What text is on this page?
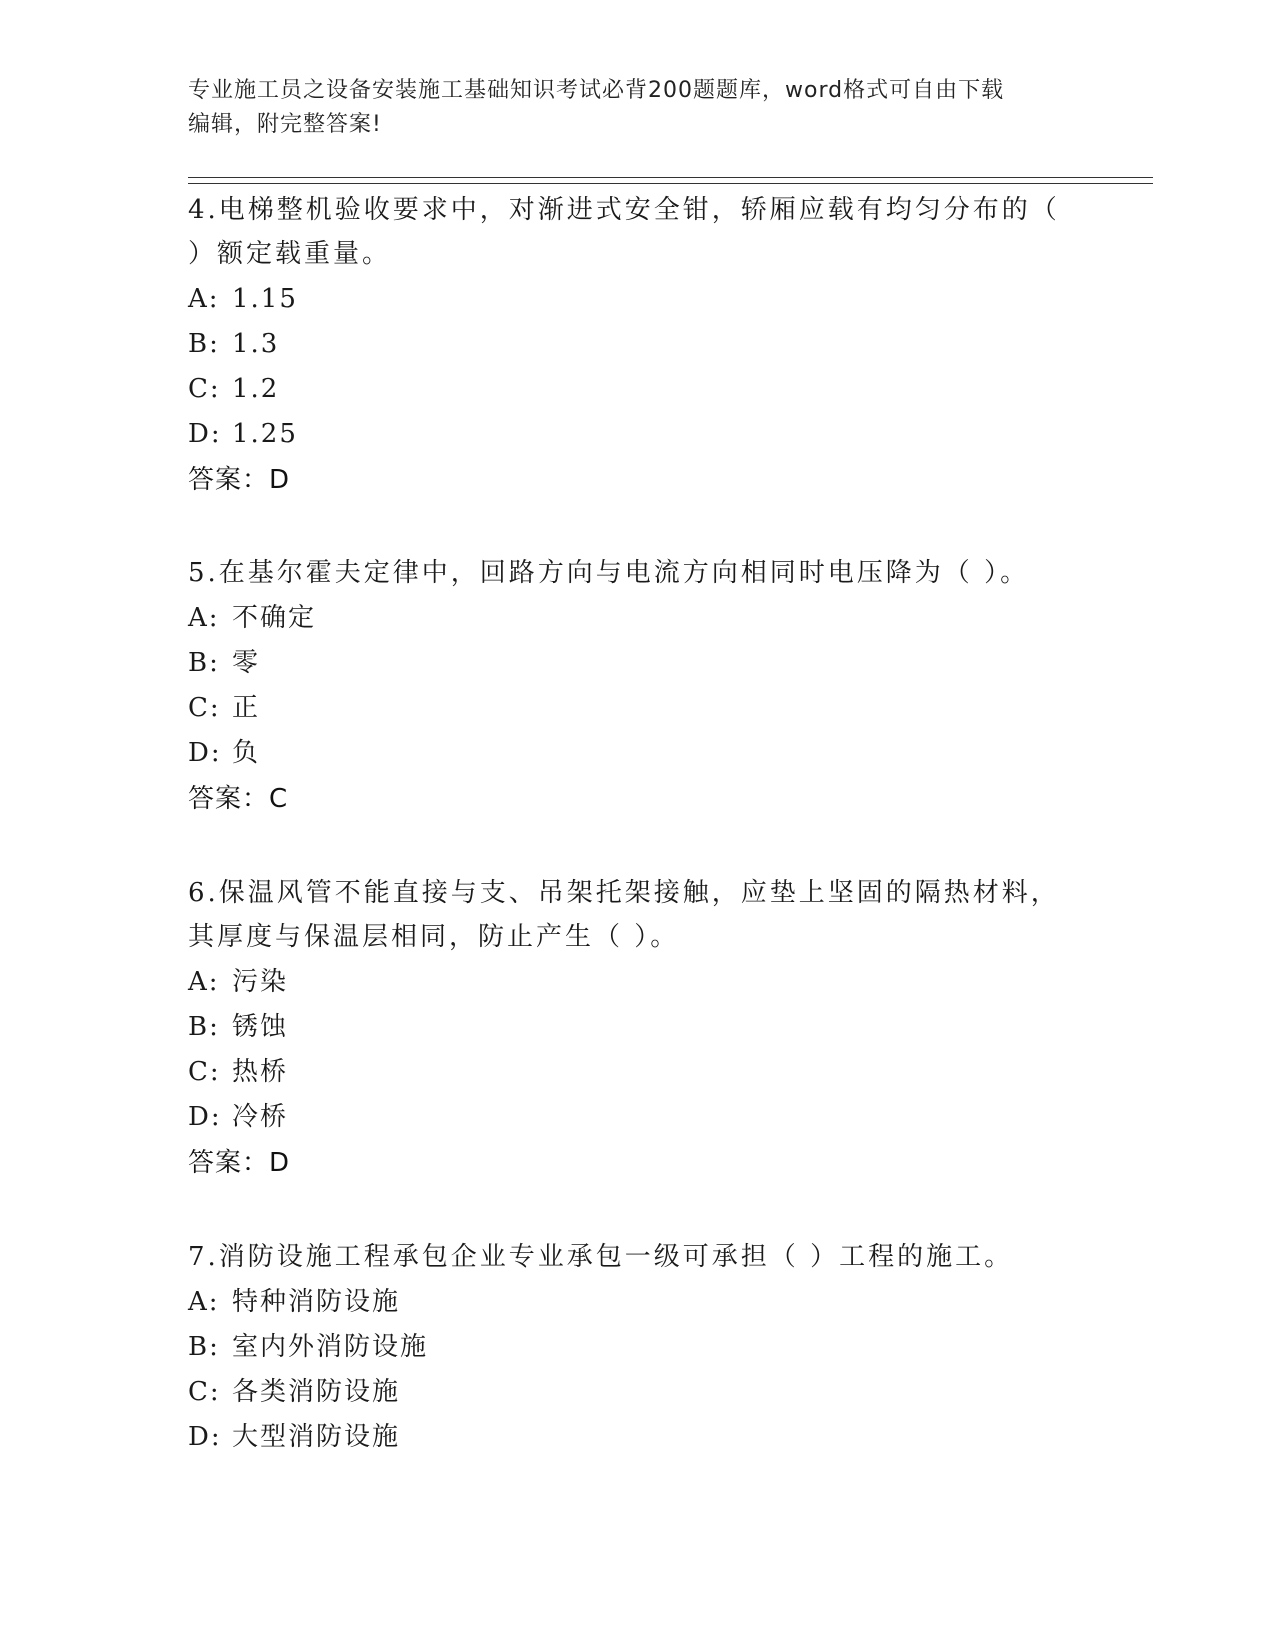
专业施工员之设备安装施工基础知识考试必背200题题库，word格式可自由下载
编辑，附完整答案!
4.电梯整机验收要求中，对渐进式安全钳，轿厢应载有均匀分布的（ ）额定载重量。
A: 1.15
B: 1.3
C: 1.2
D: 1.25
答案：D
5.在基尔霍夫定律中，回路方向与电流方向相同时电压降为（ ）。
A: 不确定
B: 零
C: 正
D: 负
答案：C
6.保温风管不能直接与支、吊架托架接触，应垫上坚固的隔热材料，其厚度与保温层相同，防止产生（ ）。
A: 污染
B: 锈蚀
C: 热桥
D: 冷桥
答案：D
7.消防设施工程承包企业专业承包一级可承担（ ）工程的施工。
A: 特种消防设施
B: 室内外消防设施
C: 各类消防设施
D: 大型消防设施
